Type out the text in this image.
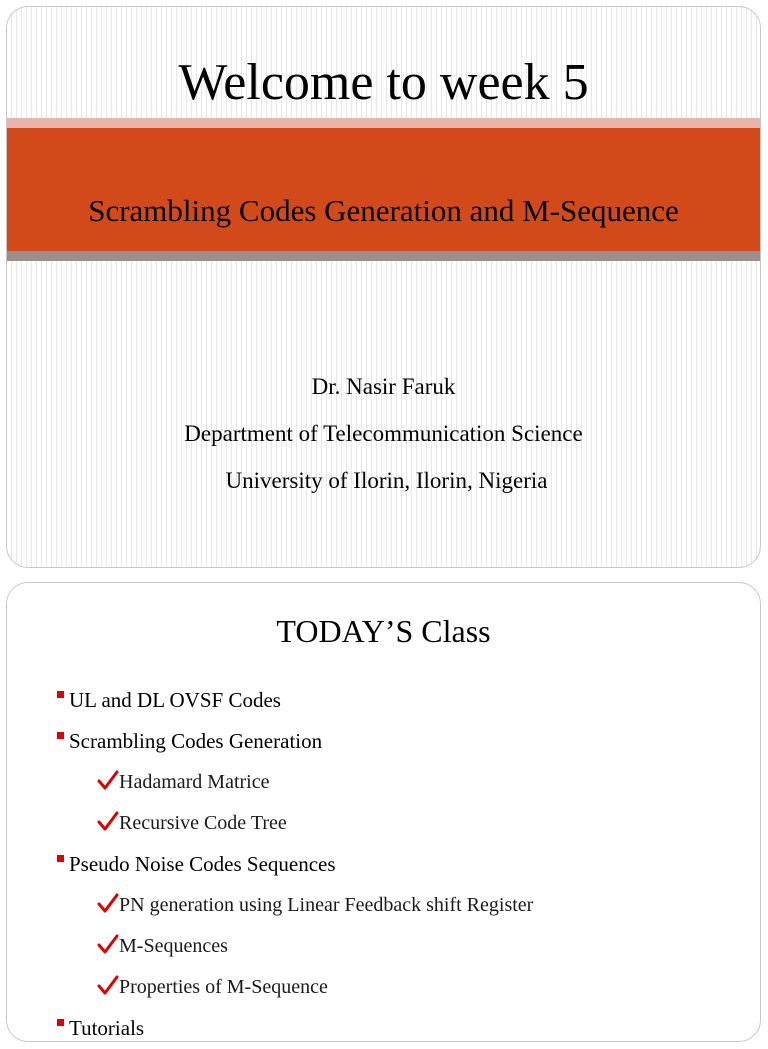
Welcome to week 5
Scrambling Codes Generation and M-Sequence
Dr. Nasir Faruk
Department of Telecommunication Science
University of Ilorin, Ilorin, Nigeria
TODAY’S Class
UL and DL OVSF Codes
Scrambling Codes Generation
Hadamard Matrice
Recursive Code Tree
Pseudo Noise Codes Sequences
PN generation using Linear Feedback shift Register
M-Sequences
Properties of M-Sequence
Tutorials
